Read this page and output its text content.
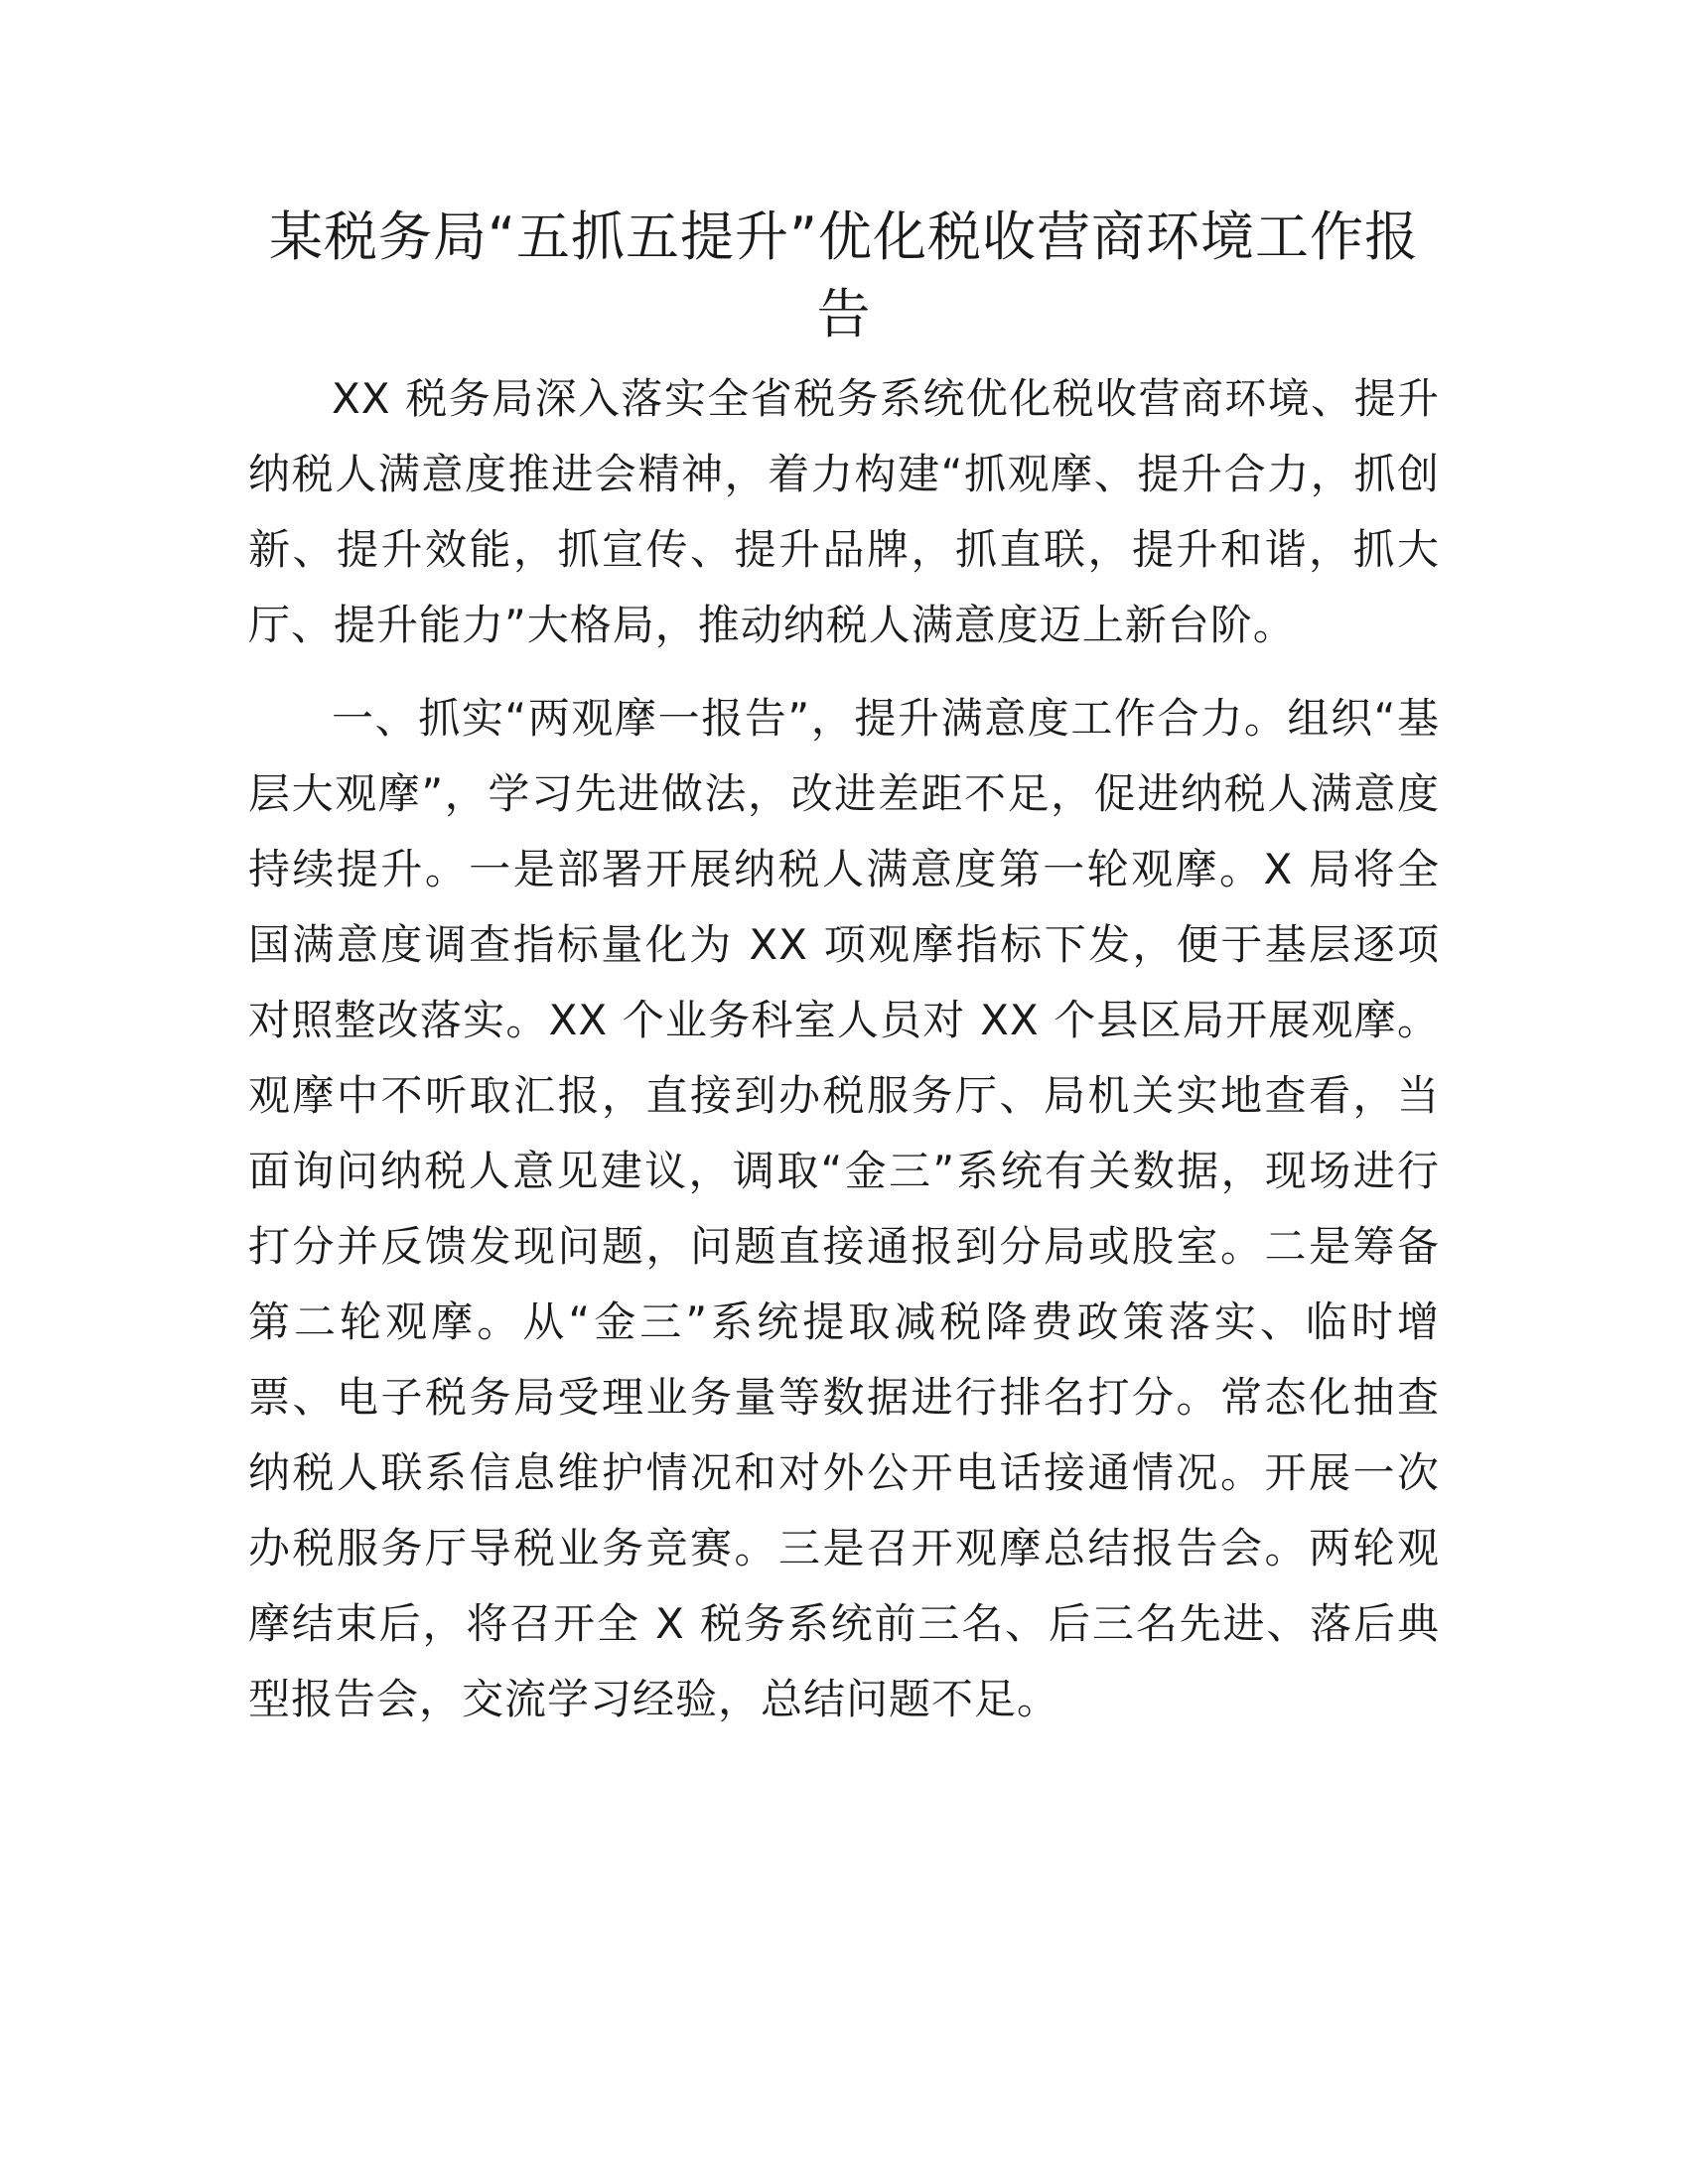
某税务局“五抓五提升”优化税收营商环境工作报告

XX 税务局深入落实全省税务系统优化税收营商环境、提升纳税人满意度推进会精神，着力构建“抓观摩、提升合力，抓创新、提升效能，抓宣传、提升品牌，抓直联，提升和谐，抓大厅、提升能力”大格局，推动纳税人满意度迈上新台阶。

一、抓实“两观摩一报告”，提升满意度工作合力。组织“基层大观摩”，学习先进做法，改进差距不足，促进纳税人满意度持续提升。一是部署开展纳税人满意度第一轮观摩。X 局将全国满意度调查指标量化为 XX 项观摩指标下发，便于基层逐项对照整改落实。XX 个业务科室人员对 XX 个县区局开展观摩。观摩中不听取汇报，直接到办税服务厅、局机关实地查看，当面询问纳税人意见建议，调取“金三”系统有关数据，现场进行打分并反馈发现问题，问题直接通报到分局或股室。二是筹备第二轮观摩。从“金三”系统提取减税降费政策落实、临时增票、电子税务局受理业务量等数据进行排名打分。常态化抽查纳税人联系信息维护情况和对外公开电话接通情况。开展一次办税服务厅导税业务竞赛。三是召开观摩总结报告会。两轮观摩结束后，将召开全 X 税务系统前三名、后三名先进、落后典型报告会，交流学习经验，总结问题不足。
